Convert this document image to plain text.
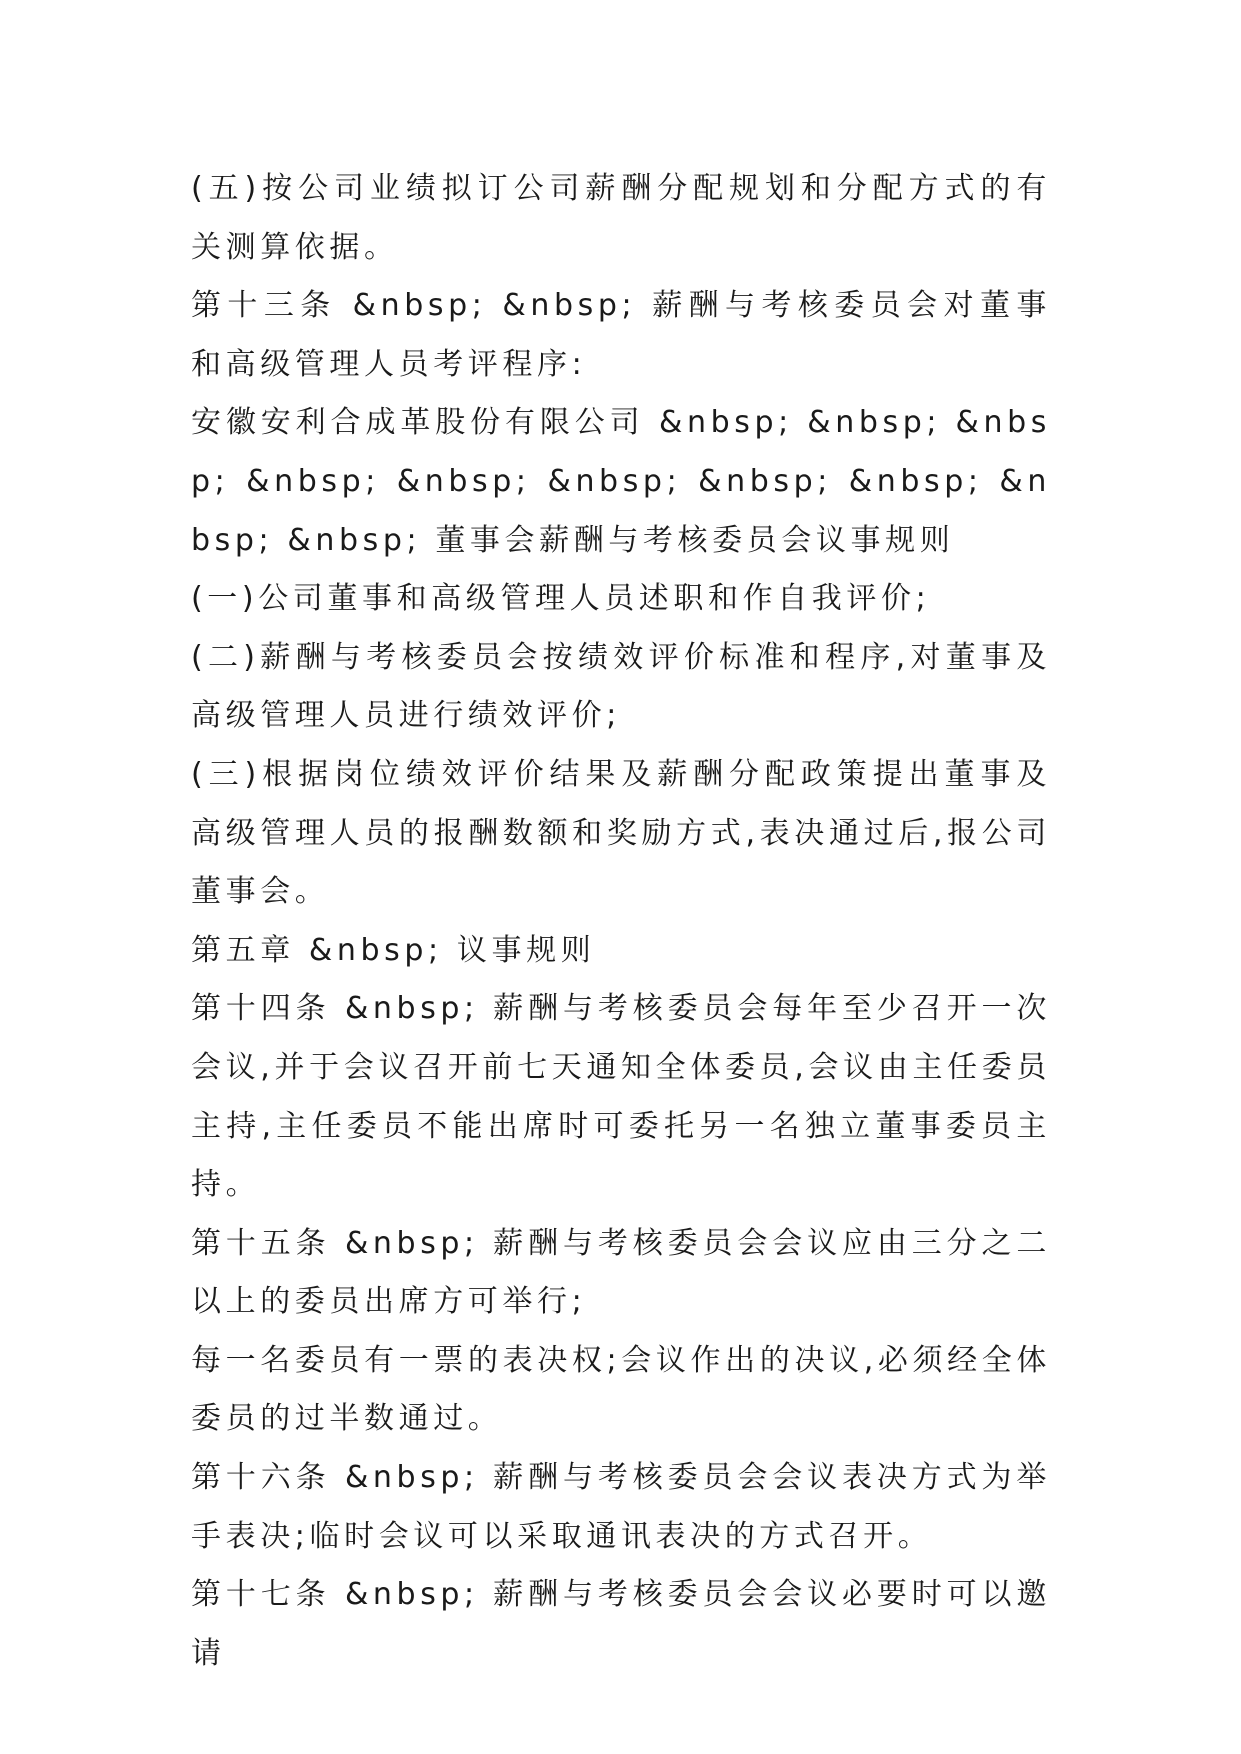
(五)按公司业绩拟订公司薪酬分配规划和分配方式的有关测算依据。

第十三条 &nbsp; &nbsp; 薪酬与考核委员会对董事和高级管理人员考评程序:

安徽安利合成革股份有限公司 &nbsp; &nbsp; &nbsp; &nbsp; &nbsp; &nbsp; &nbsp; &nbsp; &nbsp; &nbsp; 董事会薪酬与考核委员会议事规则

(一)公司董事和高级管理人员述职和作自我评价;

(二)薪酬与考核委员会按绩效评价标准和程序,对董事及高级管理人员进行绩效评价;

(三)根据岗位绩效评价结果及薪酬分配政策提出董事及高级管理人员的报酬数额和奖励方式,表决通过后,报公司董事会。

第五章 &nbsp; 议事规则

第十四条 &nbsp; 薪酬与考核委员会每年至少召开一次会议,并于会议召开前七天通知全体委员,会议由主任委员主持,主任委员不能出席时可委托另一名独立董事委员主持。

第十五条 &nbsp; 薪酬与考核委员会会议应由三分之二以上的委员出席方可举行;

每一名委员有一票的表决权;会议作出的决议,必须经全体委员的过半数通过。

第十六条 &nbsp; 薪酬与考核委员会会议表决方式为举手表决;临时会议可以采取通讯表决的方式召开。

第十七条 &nbsp; 薪酬与考核委员会会议必要时可以邀请
